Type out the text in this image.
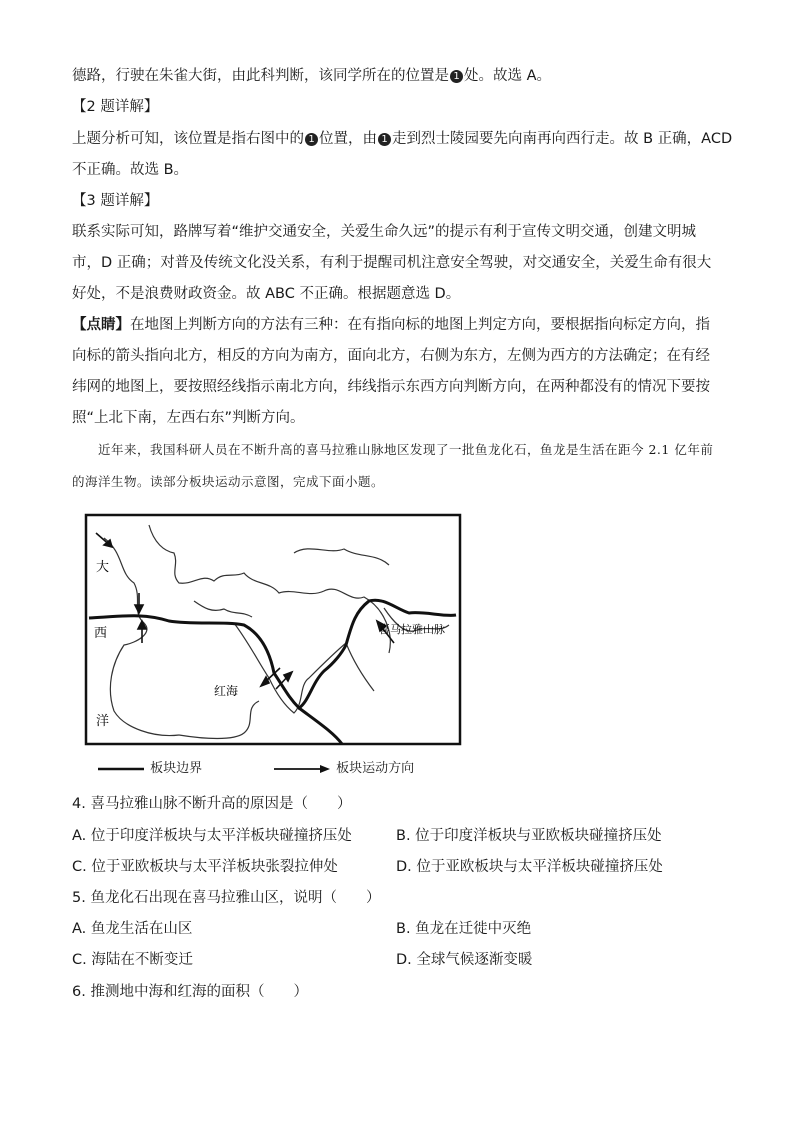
德路，行驶在朱雀大街，由此科判断，该同学所在的位置是 1 处。故选 A。
【2 题详解】
上题分析可知，该位置是指右图中的 1 位置，由 1 走到烈士陵园要先向南再向西行走。故 B 正确，ACD
不正确。故选 B。
【3 题详解】
联系实际可知，路牌写着“维护交通安全，关爱生命久远”的提示有利于宣传文明交通，创建文明城市，D 正确；对普及传统文化没关系，有利于提醒司机注意安全驾驶，对交通安全，关爱生命有很大好处，不是浪费财政资金。故 ABC 不正确。根据题意选 D。
【点睛】在地图上判断方向的方法有三种：在有指向标的地图上判定方向，要根据指向标定方向，指向标的箭头指向北方，相反的方向为南方，面向北方，右侧为东方，左侧为西方的方法确定；在有经纬网的地图上，要按照经线指示南北方向，纬线指示东西方向判断方向，在两种都没有的情况下要按照“上北下南，左西右东”判断方向。
近年来，我国科研人员在不断升高的喜马拉雅山脉地区发现了一批鱼龙化石，鱼龙是生活在距今 2.1 亿年前的海洋生物。读部分板块运动示意图，完成下面小题。
大
西
洋
红海
喜马拉雅山脉
板块边界	板块运动方向
4. 喜马拉雅山脉不断升高的原因是（　　）
A. 位于印度洋板块与太平洋板块碰撞挤压处	B. 位于印度洋板块与亚欧板块碰撞挤压处
C. 位于亚欧板块与太平洋板块张裂拉伸处	D. 位于亚欧板块与太平洋板块碰撞挤压处
5. 鱼龙化石出现在喜马拉雅山区，说明（　　）
A. 鱼龙生活在山区	B. 鱼龙在迁徙中灭绝
C. 海陆在不断变迁	D. 全球气候逐渐变暖
6. 推测地中海和红海的面积（　　）
